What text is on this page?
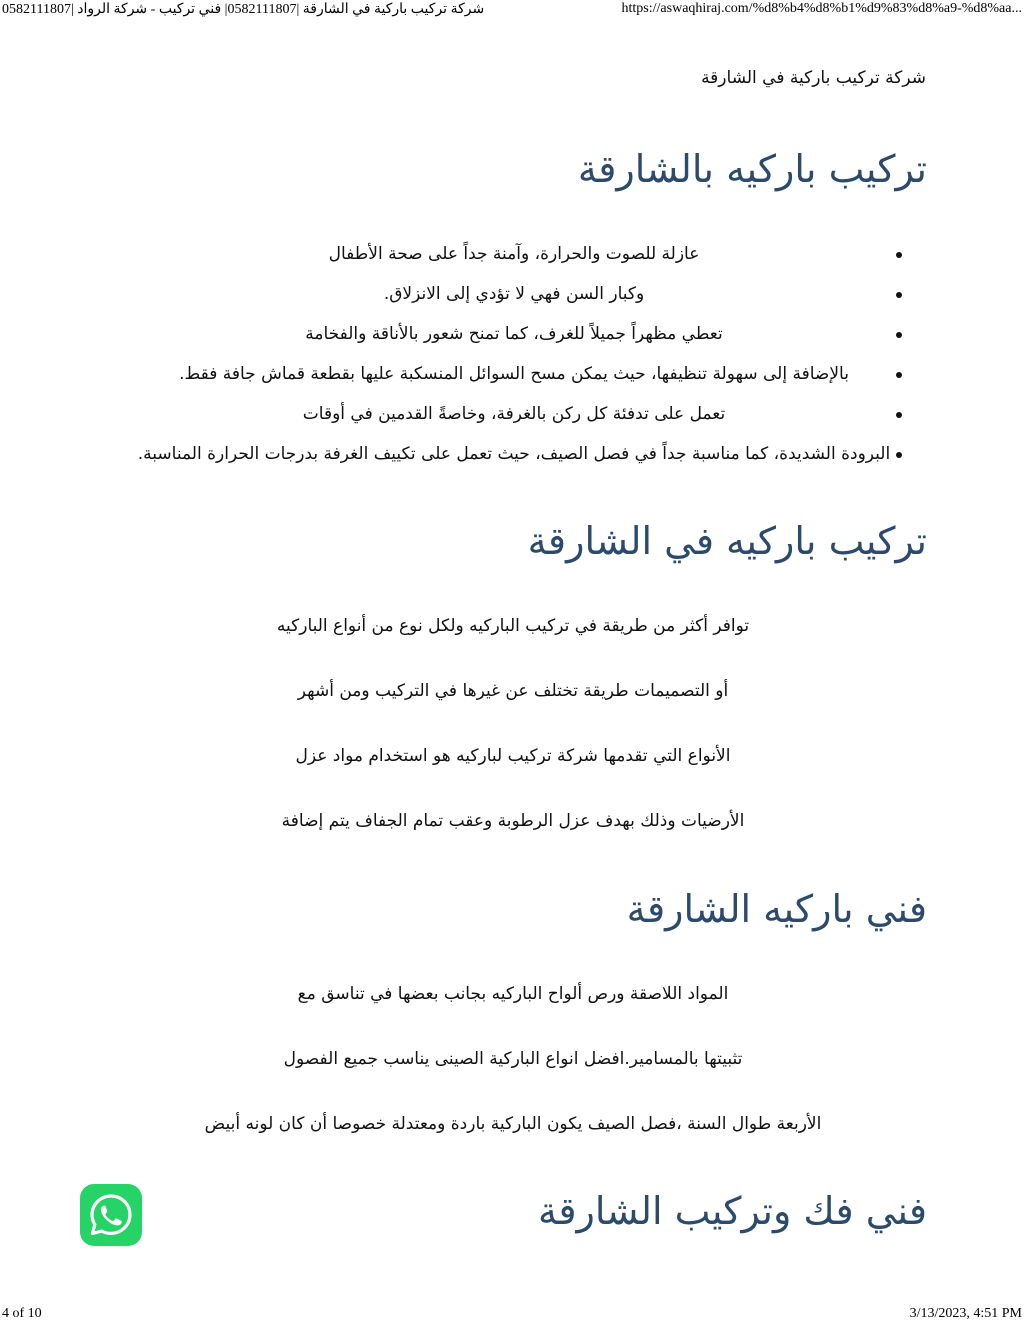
شركة تركيب باركية في الشارقة |0582111807| فني تركيب - شركة الرواد |0582111807	https://aswaqhiraj.com/%d8%b4%d8%b1%d9%83%d8%a9-%d8%aa...
شركة تركيب باركية في الشارقة
تركيب باركيه بالشارقة
عازلة للصوت والحرارة، وآمنة جداً على صحة الأطفال
وكبار السن فهي لا تؤدي إلى الانزلاق.
تعطي مظهراً جميلاً للغرف، كما تمنح شعور بالأناقة والفخامة
بالإضافة إلى سهولة تنظيفها، حيث يمكن مسح السوائل المنسكبة عليها بقطعة قماش جافة فقط.
تعمل على تدفئة كل ركن بالغرفة، وخاصةً القدمين في أوقات
البرودة الشديدة، كما مناسبة جداً في فصل الصيف، حيث تعمل على تكييف الغرفة بدرجات الحرارة المناسبة.
تركيب باركيه في الشارقة

توافر أكثر من طريقة في تركيب الباركيه ولكل نوع من أنواع الباركيه

أو التصميمات طريقة تختلف عن غيرها في التركيب ومن أشهر

الأنواع التي تقدمها شركة تركيب لباركيه هو استخدام مواد عزل

الأرضيات وذلك بهدف عزل الرطوبة وعقب تمام الجفاف يتم إضافة

فني باركيه الشارقة

المواد اللاصقة ورص ألواح الباركيه بجانب بعضها في تناسق مع

تثبيتها بالمسامير.افضل انواع الباركية الصينى يناسب جميع الفصول

الأربعة طوال السنة ،فصل الصيف يكون الباركية باردة ومعتدلة خصوصا أن كان لونه أبيض

فني فك وتركيب الشارقة
4 of 10	3/13/2023, 4:51 PM
